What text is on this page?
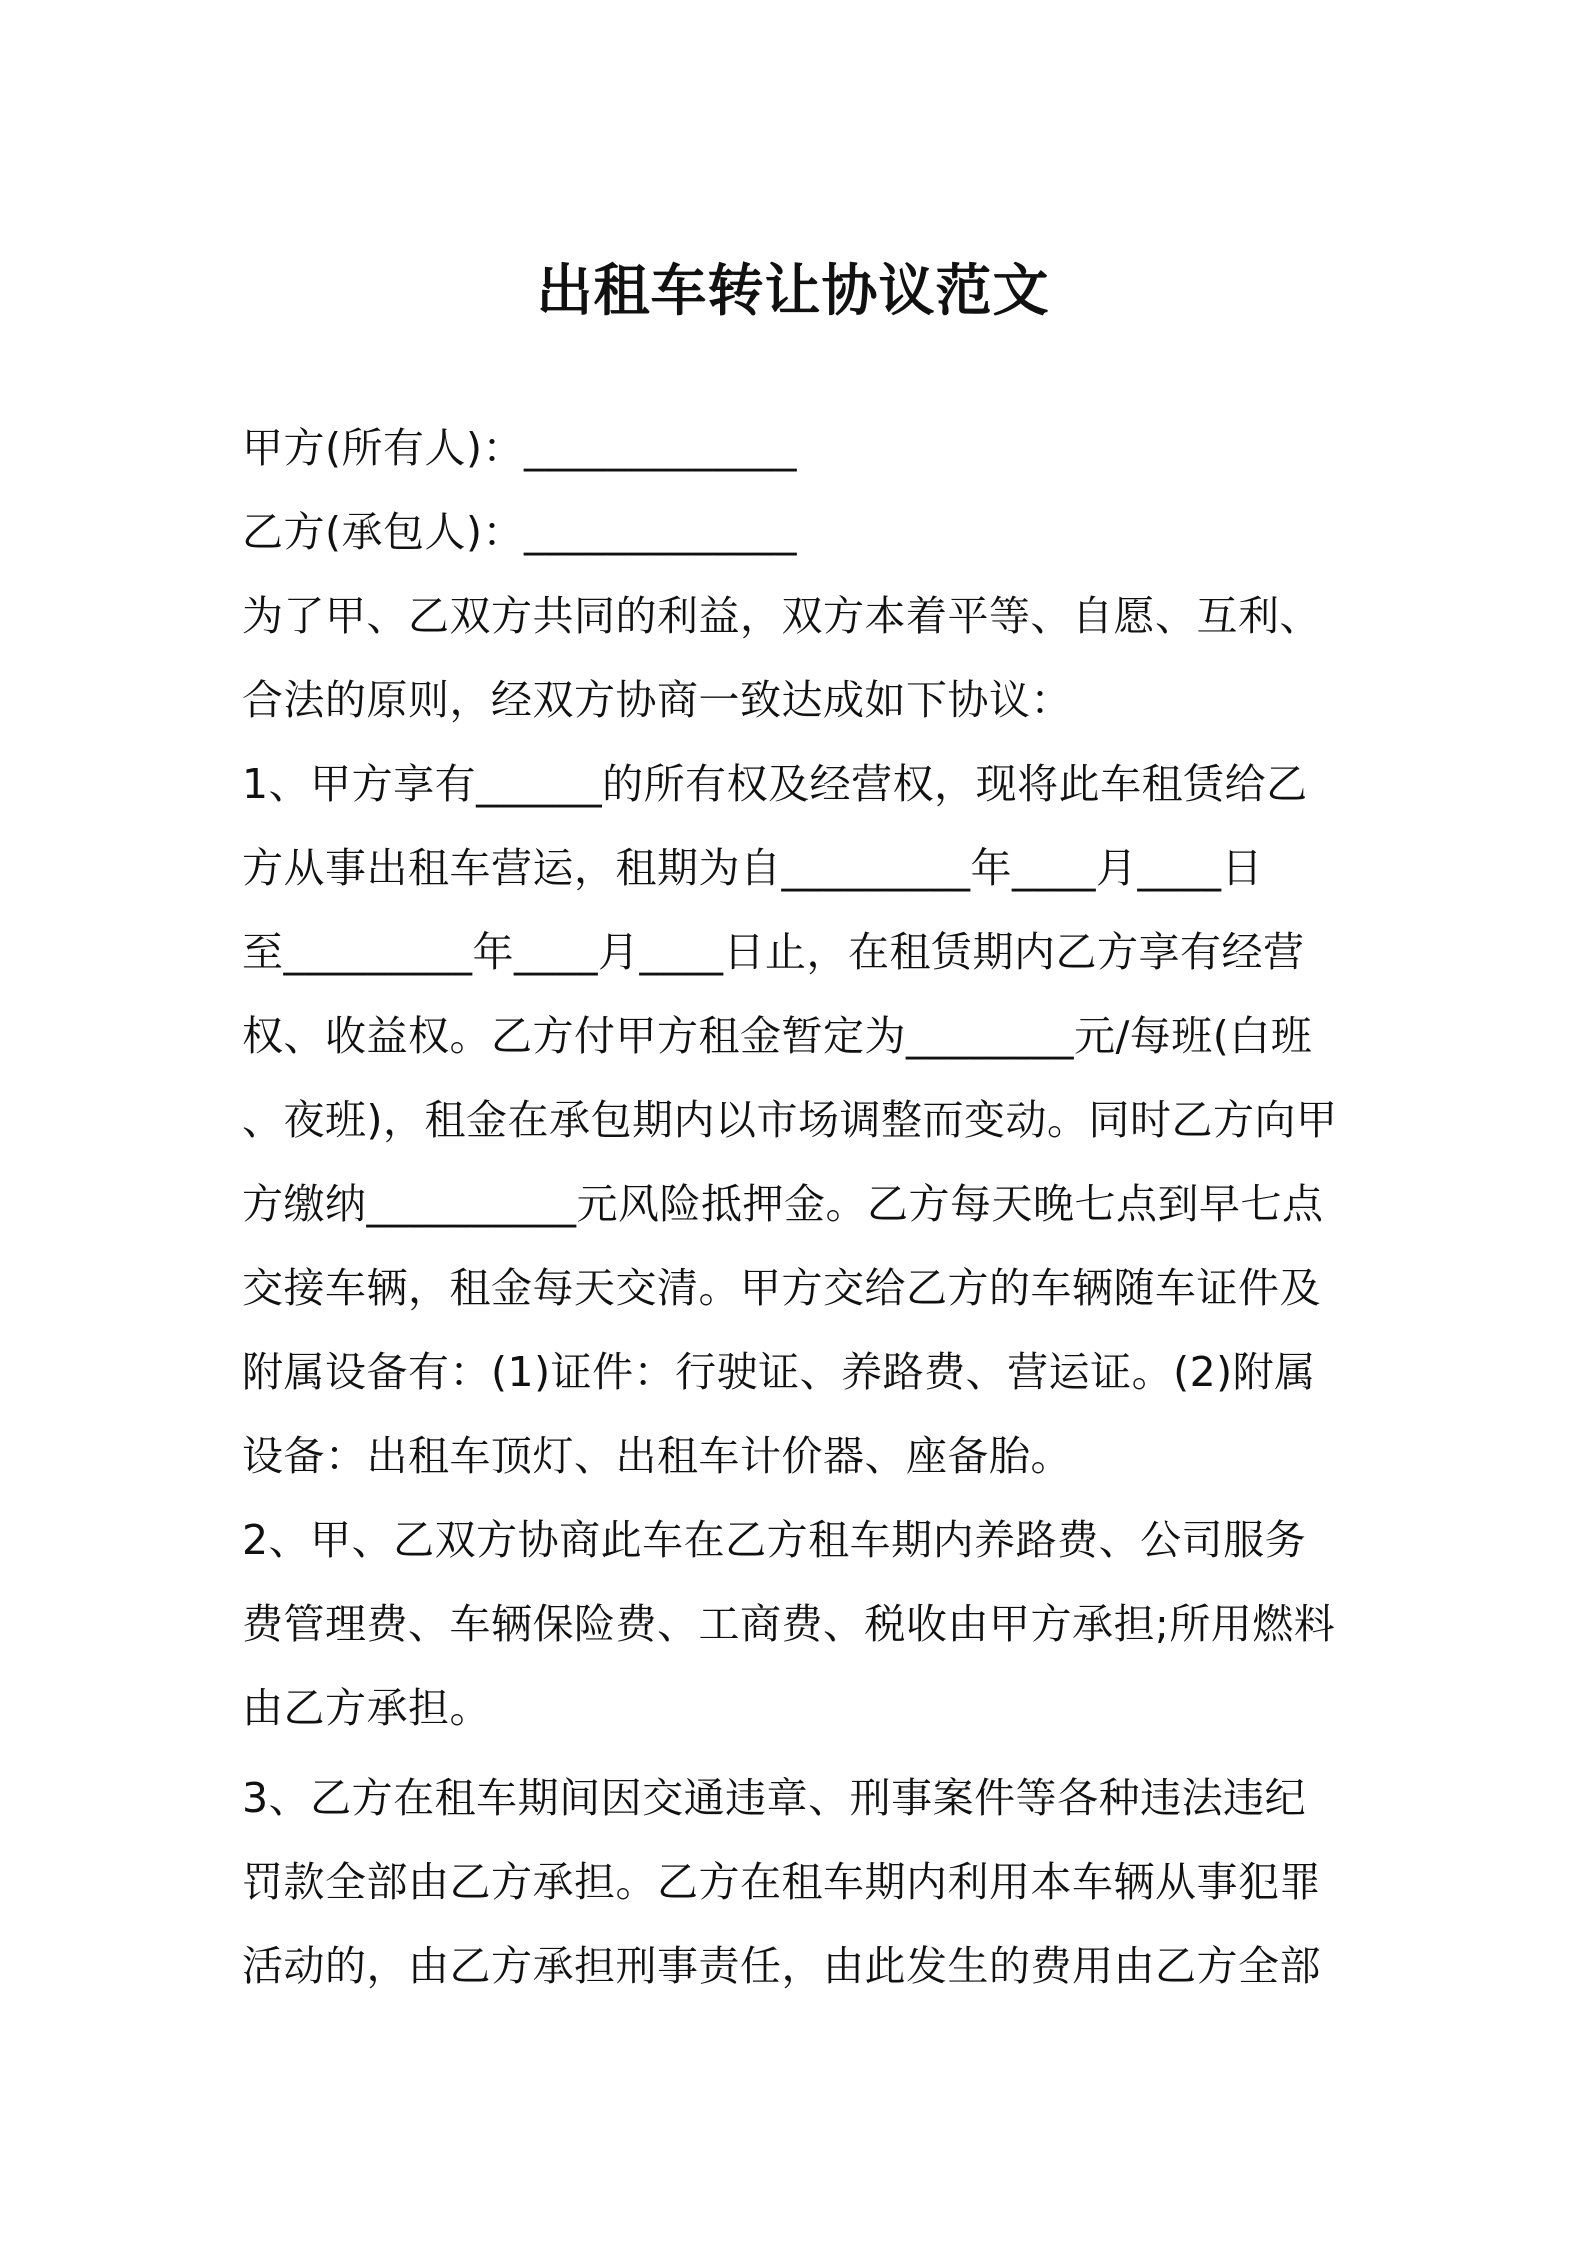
出租车转让协议范文
甲方(所有人)：_____________
乙方(承包人)：_____________
为了甲、乙双方共同的利益，双方本着平等、自愿、互利、
合法的原则，经双方协商一致达成如下协议：
1、甲方享有______的所有权及经营权，现将此车租赁给乙
方从事出租车营运，租期为自_________年____月____日
至_________年____月____日止，在租赁期内乙方享有经营
权、收益权。乙方付甲方租金暂定为________元/每班(白班
、夜班)，租金在承包期内以市场调整而变动。同时乙方向甲
方缴纳__________元风险抵押金。乙方每天晚七点到早七点
交接车辆，租金每天交清。甲方交给乙方的车辆随车证件及
附属设备有：(1)证件：行驶证、养路费、营运证。(2)附属
设备：出租车顶灯、出租车计价器、座备胎。
2、甲、乙双方协商此车在乙方租车期内养路费、公司服务
费管理费、车辆保险费、工商费、税收由甲方承担;所用燃料
由乙方承担。
3、乙方在租车期间因交通违章、刑事案件等各种违法违纪
罚款全部由乙方承担。乙方在租车期内利用本车辆从事犯罪
活动的，由乙方承担刑事责任，由此发生的费用由乙方全部
